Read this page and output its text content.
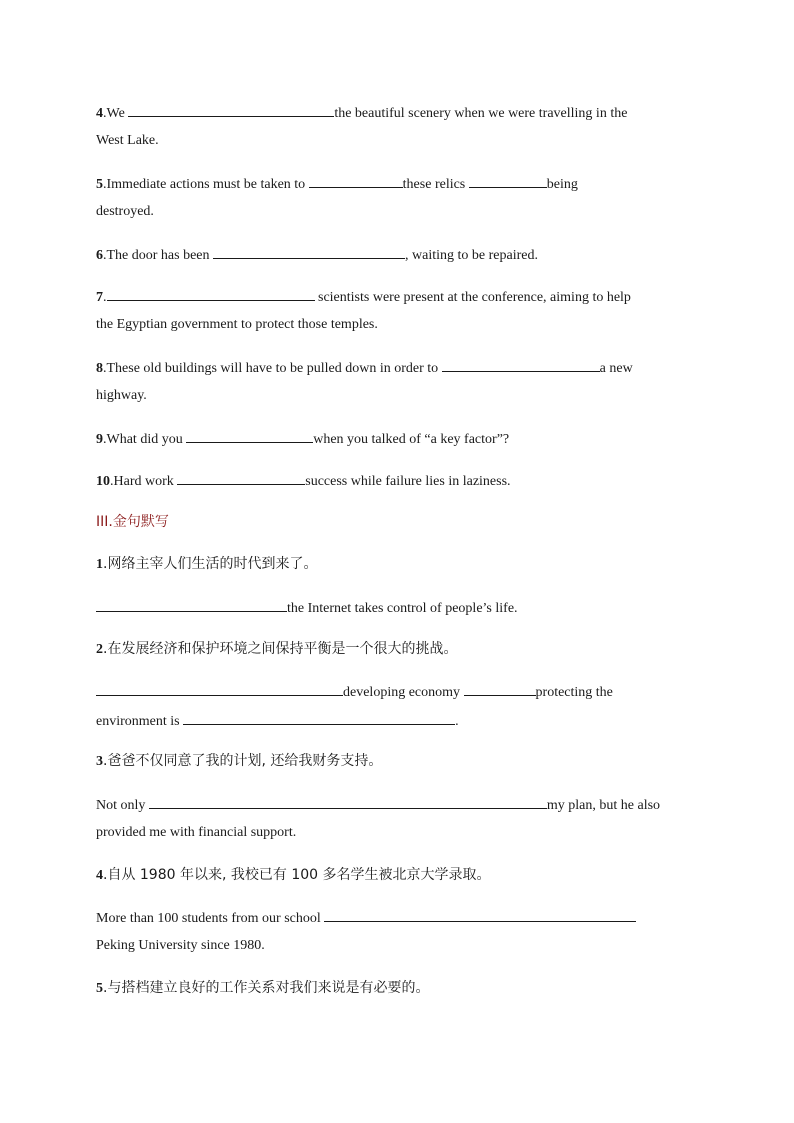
4.We	the beautiful scenery when we were travelling in the
West Lake.
5.Immediate actions must be taken to	these relics	being
destroyed.
6.The door has been	, waiting to be repaired.
7.	scientists were present at the conference, aiming to help
the Egyptian government to protect those temples.
8.These old buildings will have to be pulled down in order to	a new
highway.
9.What did you	when you talked of “a key factor”?
10.Hard work	success while failure lies in laziness.
III.金句默写
1.网络主宰人们生活的时代到来了。
the Internet takes control of people’s life.
2.在发展经济和保护环境之间保持平衡是一个很大的挑战。
developing economy	protecting the
environment is	.
3.爸爸不仅同意了我的计划, 还给我财务支持。
Not only	my plan, but he also
provided me with financial support.
4.自从 1980 年以来, 我校已有 100 多名学生被北京大学录取。
More than 100 students from our school
Peking University since 1980.
5.与搭档建立良好的工作关系对我们来说是有必要的。
